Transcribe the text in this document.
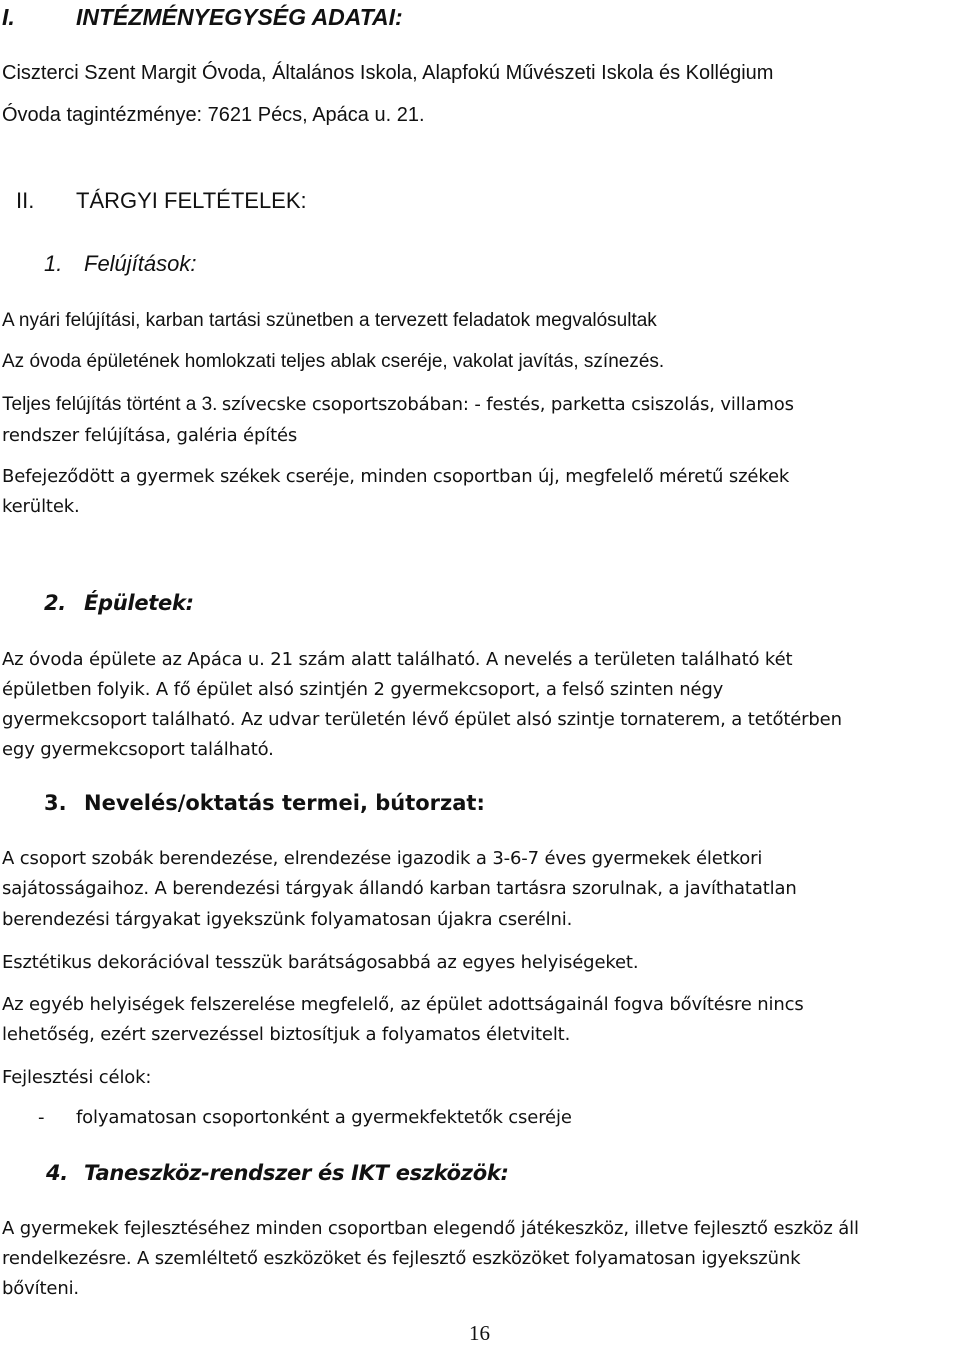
I.	INTÉZMÉNYEGYSÉG ADATAI:
Ciszterci Szent Margit Óvoda, Általános Iskola, Alapfokú Művészeti Iskola és Kollégium
Óvoda tagintézménye: 7621 Pécs, Apáca u. 21.
II. TÁRGYI FELTÉTELEK:
1. Felújítások:
A nyári felújítási, karban tartási szünetben a tervezett feladatok megvalósultak
Az óvoda épületének homlokzati teljes ablak cseréje, vakolat javítás, színezés.
Teljes felújítás történt a 3. szívecske csoportszobában: - festés, parketta csiszolás, villamos
rendszer felújítása, galéria építés
Befejeződött a gyermek székek cseréje, minden csoportban új, megfelelő méretű székek
kerültek.
2. Épületek:
Az óvoda épülete az Apáca u. 21 szám alatt található. A nevelés a területen található két
épületben folyik. A fő épület alsó szintjén 2 gyermekcsoport, a felső szinten négy
gyermekcsoport található. Az udvar területén lévő épület alsó szintje tornaterem, a tetőtérben
egy gyermekcsoport található.
3. Nevelés/oktatás termei, bútorzat:
A csoport szobák berendezése, elrendezése igazodik a 3-6-7 éves gyermekek életkori
sajátosságaihoz. A berendezési tárgyak állandó karban tartásra szorulnak, a javíthatatlan
berendezési tárgyakat igyekszünk folyamatosan újakra cserélni.
Esztétikus dekorációval tesszük barátságosabbá az egyes helyiségeket.
Az egyéb helyiségek felszerelése megfelelő, az épület adottságainál fogva bővítésre nincs
lehetőség, ezért szervezéssel biztosítjuk a folyamatos életvitelt.
Fejlesztési célok:
- folyamatosan csoportonként a gyermekfektetők cseréje
4. Taneszköz-rendszer és IKT eszközök:
A gyermekek fejlesztéséhez minden csoportban elegendő játékeszköz, illetve fejlesztő eszköz áll
rendelkezésre. A szemléltető eszközöket és fejlesztő eszközöket folyamatosan igyekszünk
bővíteni.
16
